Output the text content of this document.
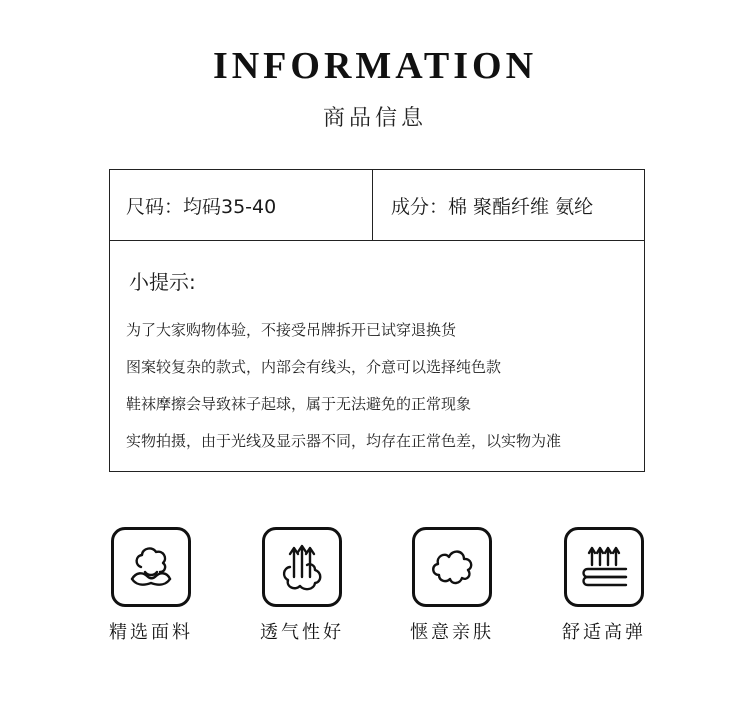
INFORMATION
商品信息
尺码：均码35-40	成分：棉 聚酯纤维 氨纶
小提示:
为了大家购物体验，不接受吊牌拆开已试穿退换货
图案较复杂的款式，内部会有线头，介意可以选择纯色款
鞋袜摩擦会导致袜子起球，属于无法避免的正常现象
实物拍摄，由于光线及显示器不同，均存在正常色差，以实物为准
精选面料	透气性好	惬意亲肤	舒适高弹
